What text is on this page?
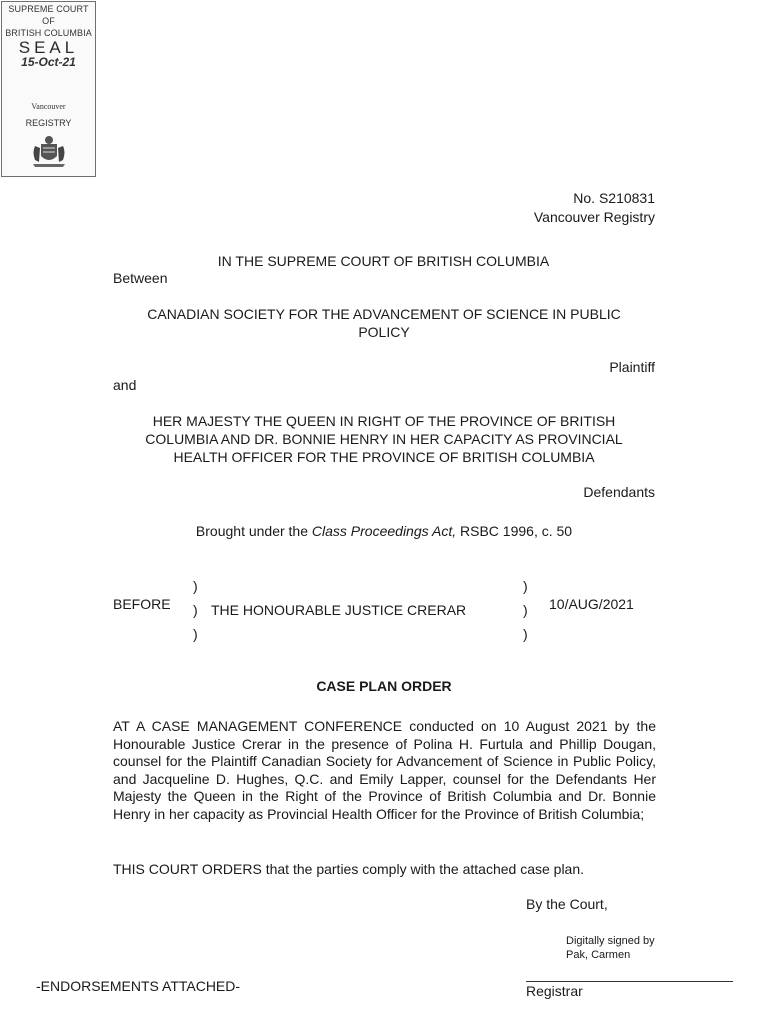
SUPREME COURT
OF
BRITISH COLUMBIA
SEAL
15-Oct-21
Vancouver
REGISTRY
No. S210831
Vancouver Registry
IN THE SUPREME COURT OF BRITISH COLUMBIA
Between
CANADIAN SOCIETY FOR THE ADVANCEMENT OF SCIENCE IN PUBLIC
POLICY
Plaintiff
and
HER MAJESTY THE QUEEN IN RIGHT OF THE PROVINCE OF BRITISH
COLUMBIA AND DR. BONNIE HENRY IN HER CAPACITY AS PROVINCIAL
HEALTH OFFICER FOR THE PROVINCE OF BRITISH COLUMBIA
Defendants
Brought under the Class Proceedings Act, RSBC 1996, c. 50
BEFORE
)
)
)
THE HONOURABLE JUSTICE CRERAR
)
)
)
10/AUG/2021
CASE PLAN ORDER
AT A CASE MANAGEMENT CONFERENCE conducted on 10 August 2021 by the Honourable Justice Crerar in the presence of Polina H. Furtula and Phillip Dougan, counsel for the Plaintiff Canadian Society for Advancement of Science in Public Policy, and Jacqueline D. Hughes, Q.C. and Emily Lapper, counsel for the Defendants Her Majesty the Queen in the Right of the Province of British Columbia and Dr. Bonnie Henry in her capacity as Provincial Health Officer for the Province of British Columbia;
THIS COURT ORDERS that the parties comply with the attached case plan.
By the Court,
Digitally signed by
Pak, Carmen
Registrar
-ENDORSEMENTS ATTACHED-
